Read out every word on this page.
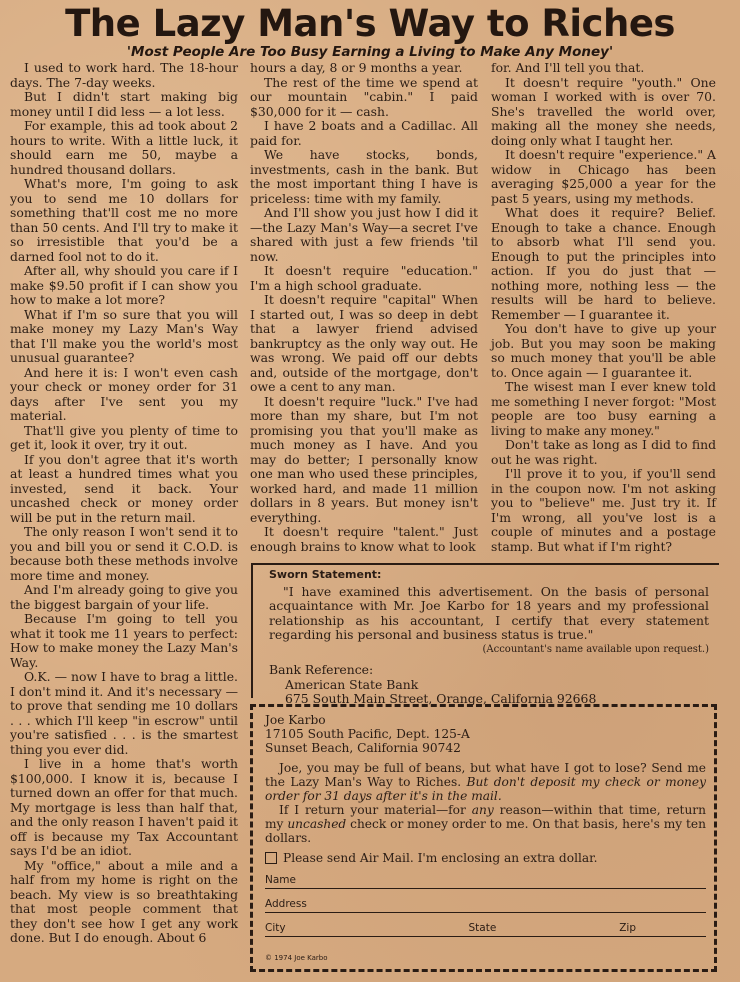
The Lazy Man's Way to Riches
'Most People Are Too Busy Earning a Living to Make Any Money'

I used to work hard. The 18-hour days. The 7-day weeks.

But I didn't start making big money until I did less — a lot less.

For example, this ad took about 2 hours to write. With a little luck, it should earn me 50, maybe a hundred thousand dollars.

What's more, I'm going to ask you to send me 10 dollars for something that'll cost me no more than 50 cents. And I'll try to make it so irresistible that you'd be a darned fool not to do it.

After all, why should you care if I make $9.50 profit if I can show you how to make a lot more?

What if I'm so sure that you will make money my Lazy Man's Way that I'll make you the world's most unusual guarantee?

And here it is: I won't even cash your check or money order for 31 days after I've sent you my material.

That'll give you plenty of time to get it, look it over, try it out.

If you don't agree that it's worth at least a hundred times what you invested, send it back. Your uncashed check or money order will be put in the return mail.

The only reason I won't send it to you and bill you or send it C.O.D. is because both these methods involve more time and money.

And I'm already going to give you the biggest bargain of your life.

Because I'm going to tell you what it took me 11 years to perfect: How to make money the Lazy Man's Way.

O.K. — now I have to brag a little. I don't mind it. And it's necessary — to prove that sending me 10 dollars . . . which I'll keep "in escrow" until you're satisfied . . . is the smartest thing you ever did.

I live in a home that's worth $100,000. I know it is, because I turned down an offer for that much. My mortgage is less than half that, and the only reason I haven't paid it off is because my Tax Accountant says I'd be an idiot.

My "office," about a mile and a half from my home is right on the beach. My view is so breathtaking that most people comment that they don't see how I get any work done. But I do enough. About 6

hours a day, 8 or 9 months a year.

The rest of the time we spend at our mountain "cabin." I paid $30,000 for it — cash.

I have 2 boats and a Cadillac. All paid for.

We have stocks, bonds, investments, cash in the bank. But the most important thing I have is priceless: time with my family.

And I'll show you just how I did it—the Lazy Man's Way—a secret I've shared with just a few friends 'til now.

It doesn't require "education." I'm a high school graduate.

It doesn't require "capital" When I started out, I was so deep in debt that a lawyer friend advised bankruptcy as the only way out. He was wrong. We paid off our debts and, outside of the mortgage, don't owe a cent to any man.

It doesn't require "luck." I've had more than my share, but I'm not promising you that you'll make as much money as I have. And you may do better; I personally know one man who used these principles, worked hard, and made 11 million dollars in 8 years. But money isn't everything.

It doesn't require "talent." Just enough brains to know what to look

for. And I'll tell you that.

It doesn't require "youth." One woman I worked with is over 70. She's travelled the world over, making all the money she needs, doing only what I taught her.

It doesn't require "experience." A widow in Chicago has been averaging $25,000 a year for the past 5 years, using my methods.

What does it require? Belief. Enough to take a chance. Enough to absorb what I'll send you. Enough to put the principles into action. If you do just that — nothing more, nothing less — the results will be hard to believe. Remember — I guarantee it.

You don't have to give up your job. But you may soon be making so much money that you'll be able to. Once again — I guarantee it.

The wisest man I ever knew told me something I never forgot: "Most people are too busy earning a living to make any money."

Don't take as long as I did to find out he was right.

I'll prove it to you, if you'll send in the coupon now. I'm not asking you to "believe" me. Just try it. If I'm wrong, all you've lost is a couple of minutes and a postage stamp. But what if I'm right?

Sworn Statement:

"I have examined this advertisement. On the basis of personal acquaintance with Mr. Joe Karbo for 18 years and my professional relationship as his accountant, I certify that every statement regarding his personal and business status is true."

(Accountant's name available upon request.)

Bank Reference:
American State Bank
675 South Main Street, Orange, California 92668
Joe Karbo
17105 South Pacific, Dept. 125-A
Sunset Beach, California 90742

Joe, you may be full of beans, but what have I got to lose? Send me the Lazy Man's Way to Riches. But don't deposit my check or money order for 31 days after it's in the mail.

If I return your material—for any reason—within that time, return my uncashed check or money order to me. On that basis, here's my ten dollars.

Please send Air Mail. I'm enclosing an extra dollar.
Name
Address
City	State	Zip
© 1974 Joe Karbo
